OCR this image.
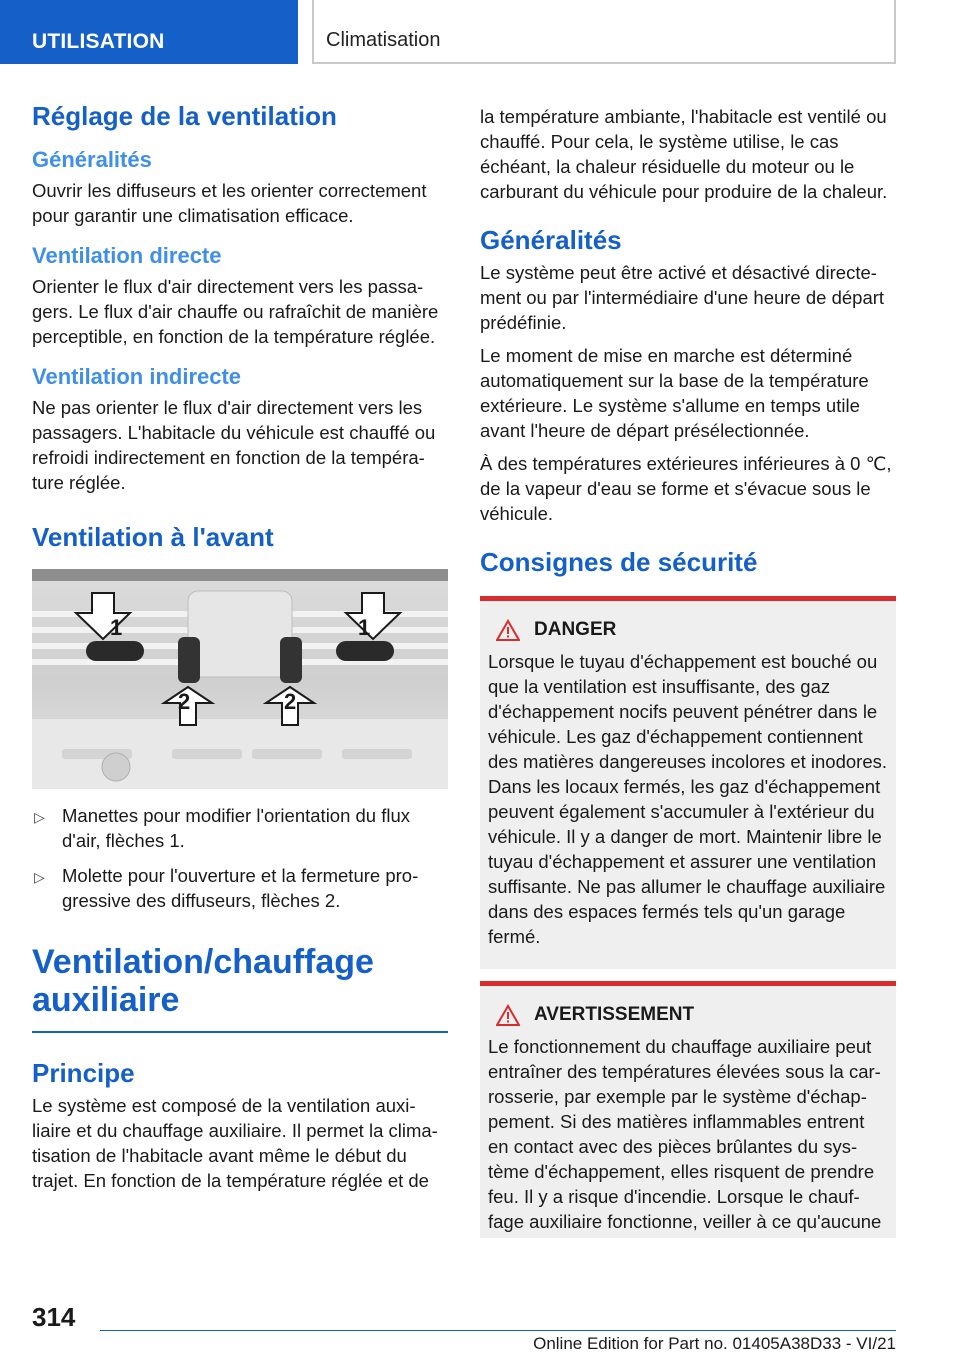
UTILISATION	Climatisation
Réglage de la ventilation
Généralités

Ouvrir les diffuseurs et les orienter correctement pour garantir une climatisation efficace.

Ventilation directe

Orienter le flux d'air directement vers les passagers. Le flux d'air chauffe ou rafraîchit de manière perceptible, en fonction de la température réglée.

Ventilation indirecte

Ne pas orienter le flux d'air directement vers les passagers. L'habitacle du véhicule est chauffé ou refroidi indirectement en fonction de la température réglée.

Ventilation à l'avant
1	1
2	2
▷ Manettes pour modifier l'orientation du flux d'air, flèches 1.
▷ Molette pour l'ouverture et la fermeture progressive des diffuseurs, flèches 2.
Ventilation/chauffage auxiliaire
Principe

Le système est composé de la ventilation auxiliaire et du chauffage auxiliaire. Il permet la climatisation de l'habitacle avant même le début du trajet. En fonction de la température réglée et de

la température ambiante, l'habitacle est ventilé ou chauffé. Pour cela, le système utilise, le cas échéant, la chaleur résiduelle du moteur ou le carburant du véhicule pour produire de la chaleur.

Généralités

Le système peut être activé et désactivé directement ou par l'intermédiaire d'une heure de départ prédéfinie.

Le moment de mise en marche est déterminé automatiquement sur la base de la température extérieure. Le système s'allume en temps utile avant l'heure de départ présélectionnée.

À des températures extérieures inférieures à 0 ℃, de la vapeur d'eau se forme et s'évacue sous le véhicule.

Consignes de sécurité
DANGER

Lorsque le tuyau d'échappement est bouché ou que la ventilation est insuffisante, des gaz d'échappement nocifs peuvent pénétrer dans le véhicule. Les gaz d'échappement contiennent des matières dangereuses incolores et inodores. Dans les locaux fermés, les gaz d'échappement peuvent également s'accumuler à l'extérieur du véhicule. Il y a danger de mort. Maintenir libre le tuyau d'échappement et assurer une ventilation suffisante. Ne pas allumer le chauffage auxiliaire dans des espaces fermés tels qu'un garage fermé.

AVERTISSEMENT

Le fonctionnement du chauffage auxiliaire peut entraîner des températures élevées sous la carrosserie, par exemple par le système d'échappement. Si des matières inflammables entrent en contact avec des pièces brûlantes du système d'échappement, elles risquent de prendre feu. Il y a risque d'incendie. Lorsque le chauffage auxiliaire fonctionne, veiller à ce qu'aucune

314
Online Edition for Part no. 01405A38D33 - VI/21
